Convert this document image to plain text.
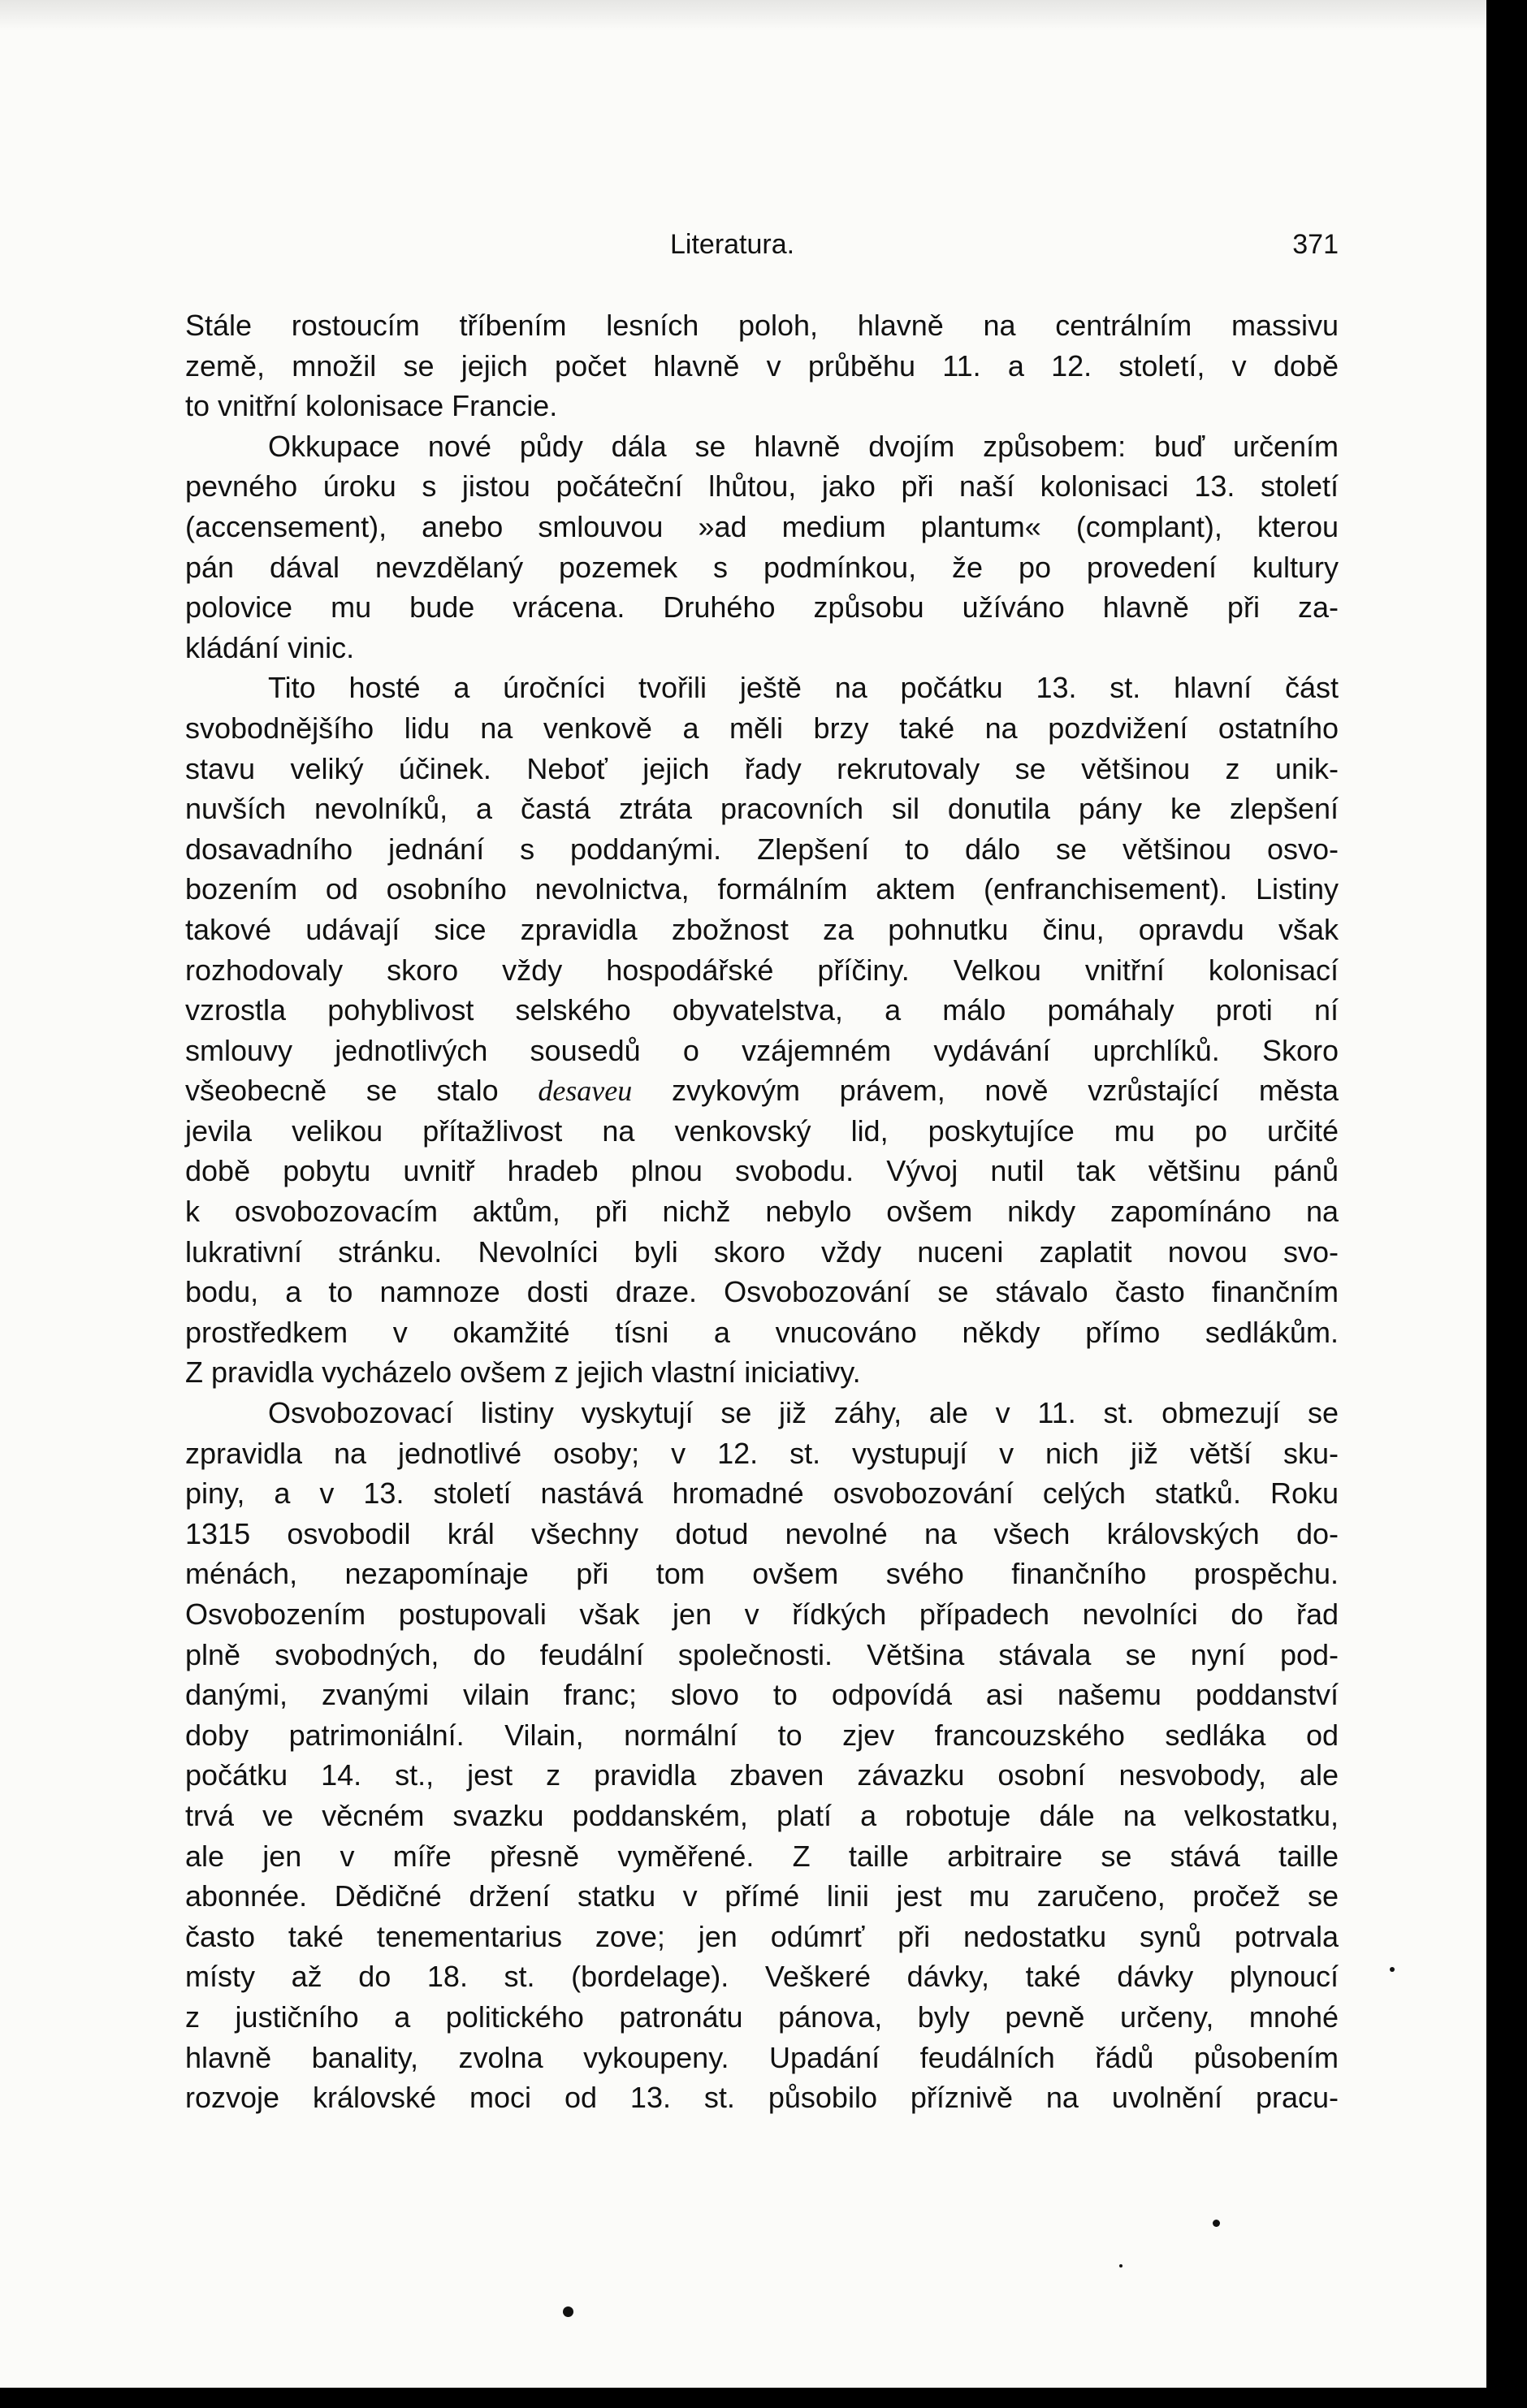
Literatura.	371
Stále rostoucím tříbením lesních poloh, hlavně na centrálním massivu
země, množil se jejich počet hlavně v průběhu 11. a 12. století, v době
to vnitřní kolonisace Francie.
Okkupace nové půdy dála se hlavně dvojím způsobem: buď určením
pevného úroku s jistou počáteční lhůtou, jako při naší kolonisaci 13. století
(accensement), anebo smlouvou »ad medium plantum« (complant), kterou
pán dával nevzdělaný pozemek s podmínkou, že po provedení kultury
polovice mu bude vrácena. Druhého způsobu užíváno hlavně při za-
kládání vinic.
Tito hosté a úročníci tvořili ještě na počátku 13. st. hlavní část
svobodnějšího lidu na venkově a měli brzy také na pozdvižení ostatního
stavu veliký účinek. Neboť jejich řady rekrutovaly se většinou z unik-
nuvších nevolníků, a častá ztráta pracovních sil donutila pány ke zlepšení
dosavadního jednání s poddanými. Zlepšení to dálo se většinou osvo-
bozením od osobního nevolnictva, formálním aktem (enfranchisement). Listiny
takové udávají sice zpravidla zbožnost za pohnutku činu, opravdu však
rozhodovaly skoro vždy hospodářské příčiny. Velkou vnitřní kolonisací
vzrostla pohyblivost selského obyvatelstva, a málo pomáhaly proti ní
smlouvy jednotlivých sousedů o vzájemném vydávání uprchlíků. Skoro
všeobecně se stalo desaveu zvykovým právem, nově vzrůstající města
jevila velikou přítažlivost na venkovský lid, poskytujíce mu po určité
době pobytu uvnitř hradeb plnou svobodu. Vývoj nutil tak většinu pánů
k osvobozovacím aktům, při nichž nebylo ovšem nikdy zapomínáno na
lukrativní stránku. Nevolníci byli skoro vždy nuceni zaplatit novou svo-
bodu, a to namnoze dosti draze. Osvobozování se stávalo často finančním
prostředkem v okamžité tísni a vnucováno někdy přímo sedlákům.
Z pravidla vycházelo ovšem z jejich vlastní iniciativy.
Osvobozovací listiny vyskytují se již záhy, ale v 11. st. obmezují se
zpravidla na jednotlivé osoby; v 12. st. vystupují v nich již větší sku-
piny, a v 13. století nastává hromadné osvobozování celých statků. Roku
1315 osvobodil král všechny dotud nevolné na všech královských do-
ménách, nezapomínaje při tom ovšem svého finančního prospěchu.
Osvobozením postupovali však jen v řídkých případech nevolníci do řad
plně svobodných, do feudální společnosti. Většina stávala se nyní pod-
danými, zvanými vilain franc; slovo to odpovídá asi našemu poddanství
doby patrimoniální. Vilain, normální to zjev francouzského sedláka od
počátku 14. st., jest z pravidla zbaven závazku osobní nesvobody, ale
trvá ve věcném svazku poddanském, platí a robotuje dále na velkostatku,
ale jen v míře přesně vyměřené. Z taille arbitraire se stává taille
abonnée. Dědičné držení statku v přímé linii jest mu zaručeno, pročež se
často také tenementarius zove; jen odúmrť při nedostatku synů potrvala
místy až do 18. st. (bordelage). Veškeré dávky, také dávky plynoucí
z justičního a politického patronátu pánova, byly pevně určeny, mnohé
hlavně banality, zvolna vykoupeny. Upadání feudálních řádů působením
rozvoje královské moci od 13. st. působilo příznivě na uvolnění pracu-
